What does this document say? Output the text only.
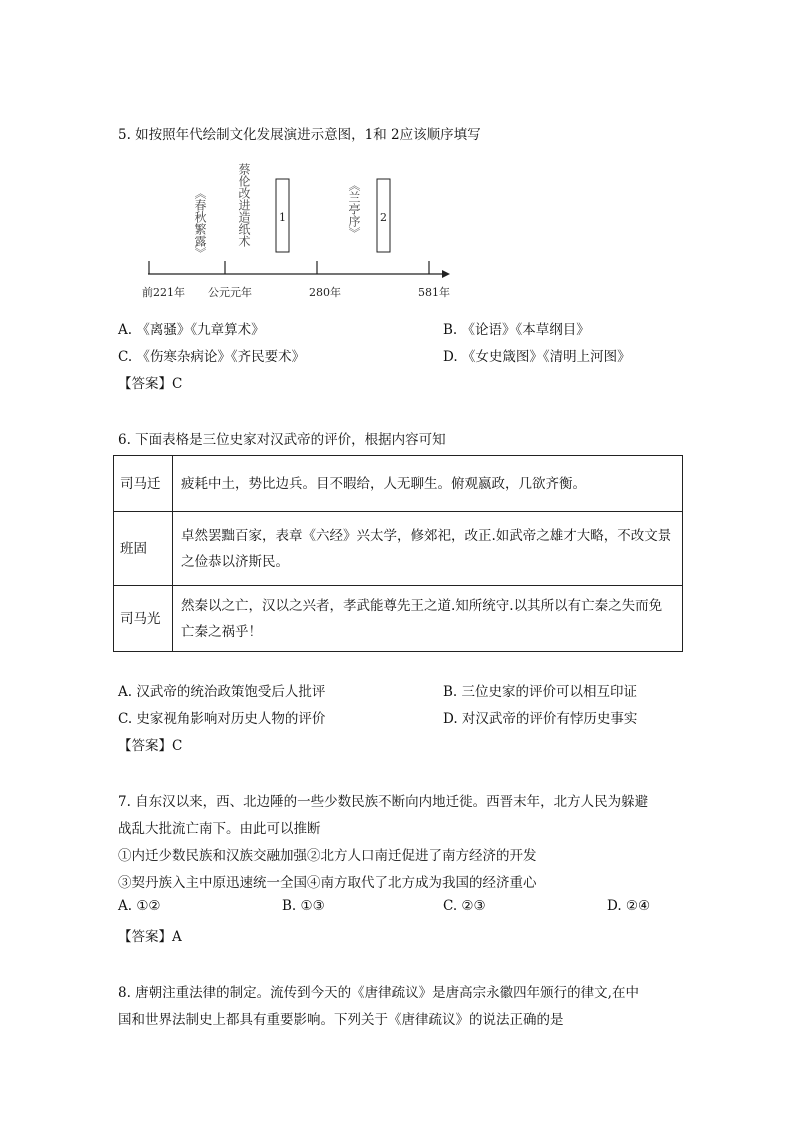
5. 如按照年代绘制文化发展演进示意图，1和 2应该顺序填写
前221年 公元元年	280年	581年
《春秋繁露》	蔡伦改进造纸术	《兰亭序》
1	2
A. 《离骚》《九章算术》	B. 《论语》《本草纲目》
C. 《伤寒杂病论》《齐民要术》	D. 《女史箴图》《清明上河图》
【答案】C
6. 下面表格是三位史家对汉武帝的评价，根据内容可知
司马迁	疲耗中土，势比边兵。目不暇给，人无聊生。俯观嬴政，几欲齐衡。
班固	卓然罢黜百家，表章《六经》兴太学，修郊祀，改正.如武帝之雄才大略，不改文景之俭恭以济斯民。
司马光	然秦以之亡，汉以之兴者，孝武能尊先王之道.知所统守.以其所以有亡秦之失而免亡秦之祸乎！
A. 汉武帝的统治政策饱受后人批评	B. 三位史家的评价可以相互印证
C. 史家视角影响对历史人物的评价	D. 对汉武帝的评价有悖历史事实
【答案】C
7. 自东汉以来，西、北边陲的一些少数民族不断向内地迁徙。西晋末年，北方人民为躲避
战乱大批流亡南下。由此可以推断
①内迁少数民族和汉族交融加强②北方人口南迁促进了南方经济的开发
③契丹族入主中原迅速统一全国④南方取代了北方成为我国的经济重心
A. ①②	B. ①③	C. ②③	D. ②④
【答案】A
8. 唐朝注重法律的制定。流传到今天的《唐律疏议》是唐高宗永徽四年颁行的律文,在中
国和世界法制史上都具有重要影响。下列关于《唐律疏议》的说法正确的是
